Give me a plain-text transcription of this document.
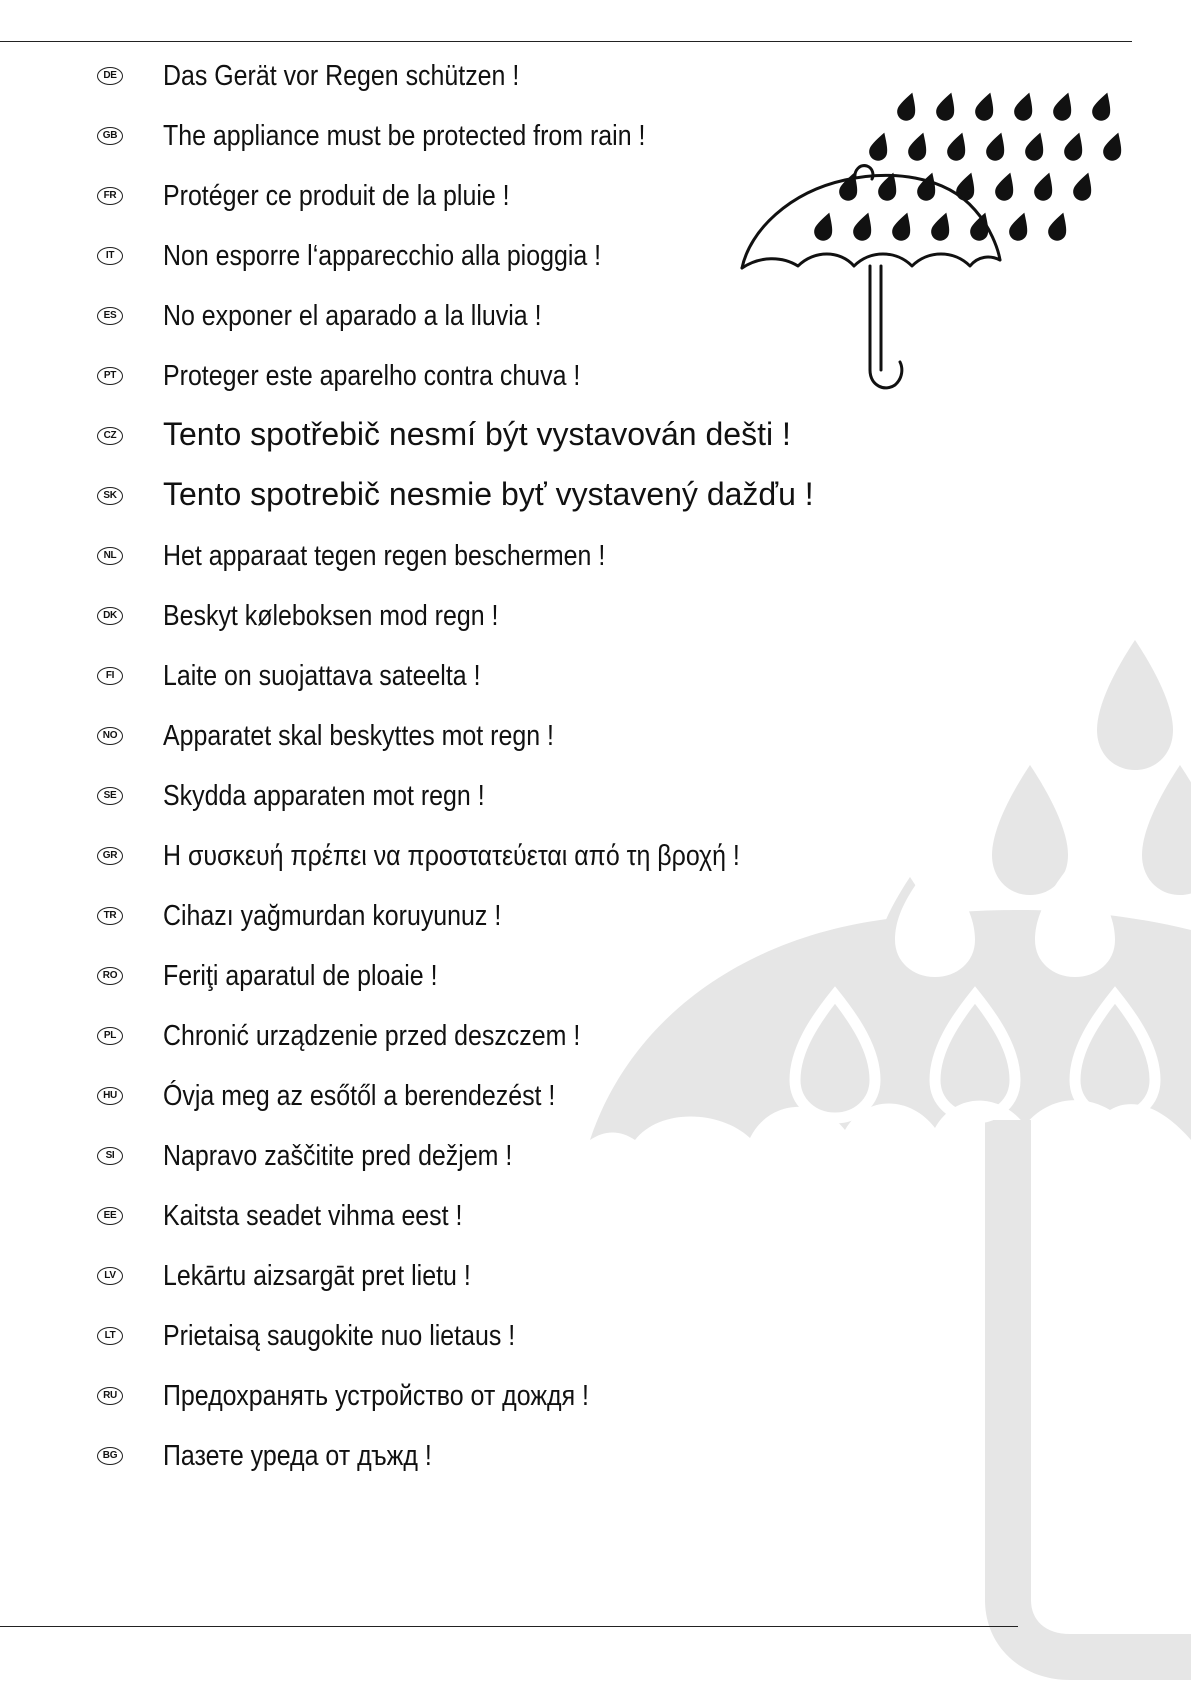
DE Das Gerät vor Regen schützen !
GB The appliance must be protected from rain !
FR Protéger ce produit de la pluie !
IT	Non esporre l‘apparecchio alla pioggia !
ES No exponer el aparado a la lluvia !
PT Proteger este aparelho contra chuva !
CZ Tento spotřebič nesmí být vystavován dešti !
SK Tento spotrebič nesmie byť vystavený dažďu !
NL Het apparaat tegen regen beschermen !
DK Beskyt køleboksen mod regn !
FI	Laite on suojattava sateelta !
NO Apparatet skal beskyttes mot regn !
SE Skydda apparaten mot regn !
GR Η συσκευή πρέπει να προστατεύεται από τη βροχή !
TR Cihazı yağmurdan koruyunuz !
RO Feriţi aparatul de ploaie !
PL Chronić urządzenie przed deszczem !
HU Óvja meg az esőtől a berendezést !
SI Napravo zaščitite pred dežjem !
EE Kaitsta seadet vihma eest !
LV Lekārtu aizsargāt pret lietu !
LT Prietaisą saugokite nuo lietaus !
RU Предохранять устройство от дождя !
BG Пазете уреда от дъжд !
